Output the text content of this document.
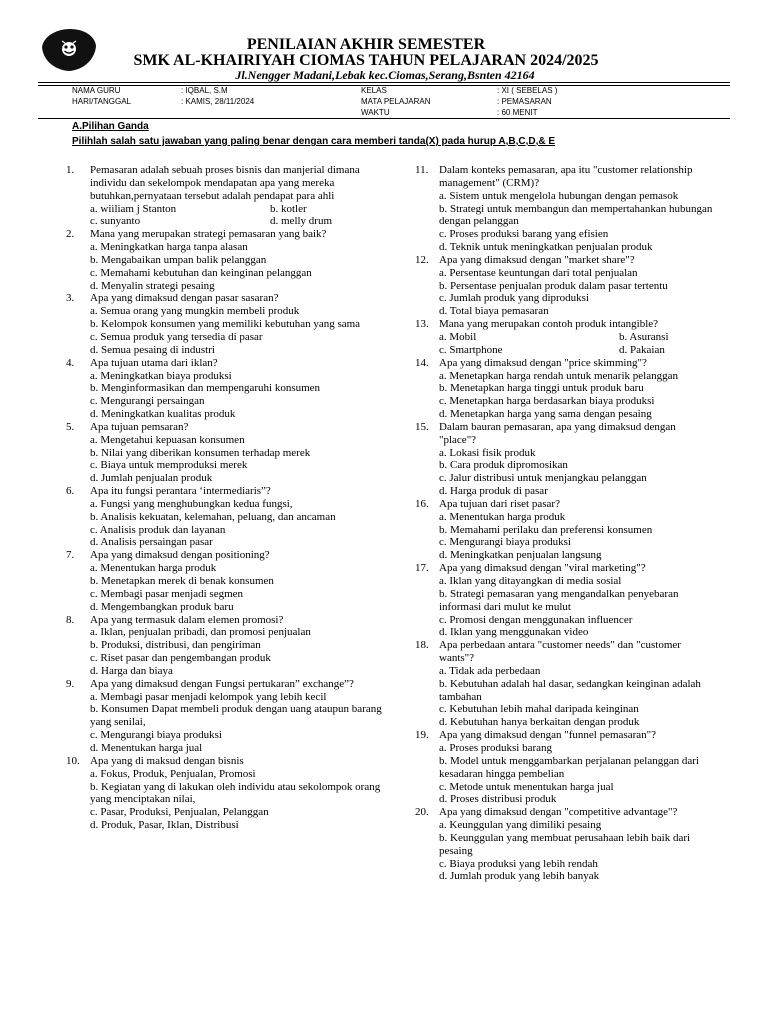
PENILAIAN AKHIR SEMESTER
SMK AL-KHAIRIYAH CIOMAS TAHUN PELAJARAN 2024/2025
Jl.Nengger Madani,Lebak kec.Ciomas,Serang,Bsnten 42164
NAMA GURU	: IQBAL, S.M
HARI/TANGGAL	: KAMIS, 28/11/2024
KELAS	: XI ( SEBELAS )
MATA PELAJARAN	: PEMASARAN
WAKTU	: 60 MENIT
A.Pilihan Ganda
Pilihlah salah satu jawaban yang paling benar dengan cara memberi tanda(X) pada hurup A,B,C,D,& E
1. Pemasaran adalah sebuah proses bisnis dan manjerial dimana individu dan sekelompok mendapatan apa yang mereka butuhkan,pernyataan tersebut adalah pendapat para ahli
a. wiiliam j Stanton	b. kotler
c. sunyanto	d. melly drum
2. Mana yang merupakan strategi pemasaran yang baik?
a. Meningkatkan harga tanpa alasan
b. Mengabaikan umpan balik pelanggan
c. Memahami kebutuhan dan keinginan pelanggan
d. Menyalin strategi pesaing
3. Apa yang dimaksud dengan pasar sasaran?
a. Semua orang yang mungkin membeli produk
b. Kelompok konsumen yang memiliki kebutuhan yang sama
c. Semua produk yang tersedia di pasar
d. Semua pesaing di industri
4. Apa tujuan utama dari iklan?
a. Meningkatkan biaya produksi
b. Menginformasikan dan mempengaruhi konsumen
c. Mengurangi persaingan
d. Meningkatkan kualitas produk
5. Apa tujuan pemsaran?
a. Mengetahui kepuasan konsumen
b. Nilai yang diberikan konsumen terhadap merek
c. Biaya untuk memproduksi merek
d. Jumlah penjualan produk
6. Apa itu fungsi perantara ‘intermediaris”?
a. Fungsi yang menghubungkan kedua fungsi,
b. Analisis kekuatan, kelemahan, peluang, dan ancaman
c. Analisis produk dan layanan
d. Analisis persaingan pasar
7. Apa yang dimaksud dengan positioning?
a. Menentukan harga produk
b. Menetapkan merek di benak konsumen
c. Membagi pasar menjadi segmen
d. Mengembangkan produk baru
8. Apa yang termasuk dalam elemen promosi?
a. Iklan, penjualan pribadi, dan promosi penjualan
b. Produksi, distribusi, dan pengiriman
c. Riset pasar dan pengembangan produk
d. Harga dan biaya
9. Apa yang dimaksud dengan Fungsi pertukaran” exchange”?
a. Membagi pasar menjadi kelompok yang lebih kecil
b. Konsumen Dapat membeli produk dengan uang ataupun barang yang senilai,
c. Mengurangi biaya produksi
d. Menentukan harga jual
10. Apa yang di maksud dengan bisnis
a. Fokus, Produk, Penjualan, Promosi
b. Kegiatan yang di lakukan oleh individu atau sekolompok orang yang menciptakan nilai,
c. Pasar, Produksi, Penjualan, Pelanggan
d. Produk, Pasar, Iklan, Distribusi
11. Dalam konteks pemasaran, apa itu "customer relationship management" (CRM)?
a. Sistem untuk mengelola hubungan dengan pemasok
b. Strategi untuk membangun dan mempertahankan hubungan dengan pelanggan
c. Proses produksi barang yang efisien
d. Teknik untuk meningkatkan penjualan produk
12. Apa yang dimaksud dengan "market share"?
a. Persentase keuntungan dari total penjualan
b. Persentase penjualan produk dalam pasar tertentu
c. Jumlah produk yang diproduksi
d. Total biaya pemasaran
13. Mana yang merupakan contoh produk intangible?
a. Mobil	b. Asuransi
c. Smartphone	d. Pakaian
14. Apa yang dimaksud dengan "price skimming"?
a. Menetapkan harga rendah untuk menarik pelanggan
b. Menetapkan harga tinggi untuk produk baru
c. Menetapkan harga berdasarkan biaya produksi
d. Menetapkan harga yang sama dengan pesaing
15. Dalam bauran pemasaran, apa yang dimaksud dengan "place"?
a. Lokasi fisik produk
b. Cara produk dipromosikan
c. Jalur distribusi untuk menjangkau pelanggan
d. Harga produk di pasar
16. Apa tujuan dari riset pasar?
a. Menentukan harga produk
b. Memahami perilaku dan preferensi konsumen
c. Mengurangi biaya produksi
d. Meningkatkan penjualan langsung
17. Apa yang dimaksud dengan "viral marketing"?
a. Iklan yang ditayangkan di media sosial
b. Strategi pemasaran yang mengandalkan penyebaran informasi dari mulut ke mulut
c. Promosi dengan menggunakan influencer
d. Iklan yang menggunakan video
18. Apa perbedaan antara "customer needs" dan "customer wants"?
a. Tidak ada perbedaan
b. Kebutuhan adalah hal dasar, sedangkan keinginan adalah tambahan
c. Kebutuhan lebih mahal daripada keinginan
d. Kebutuhan hanya berkaitan dengan produk
19. Apa yang dimaksud dengan "funnel pemasaran"?
a. Proses produksi barang
b. Model untuk menggambarkan perjalanan pelanggan dari kesadaran hingga pembelian
c. Metode untuk menentukan harga jual
d. Proses distribusi produk
20. Apa yang dimaksud dengan "competitive advantage"?
a. Keunggulan yang dimiliki pesaing
b. Keunggulan yang membuat perusahaan lebih baik dari pesaing
c. Biaya produksi yang lebih rendah
d. Jumlah produk yang lebih banyak
